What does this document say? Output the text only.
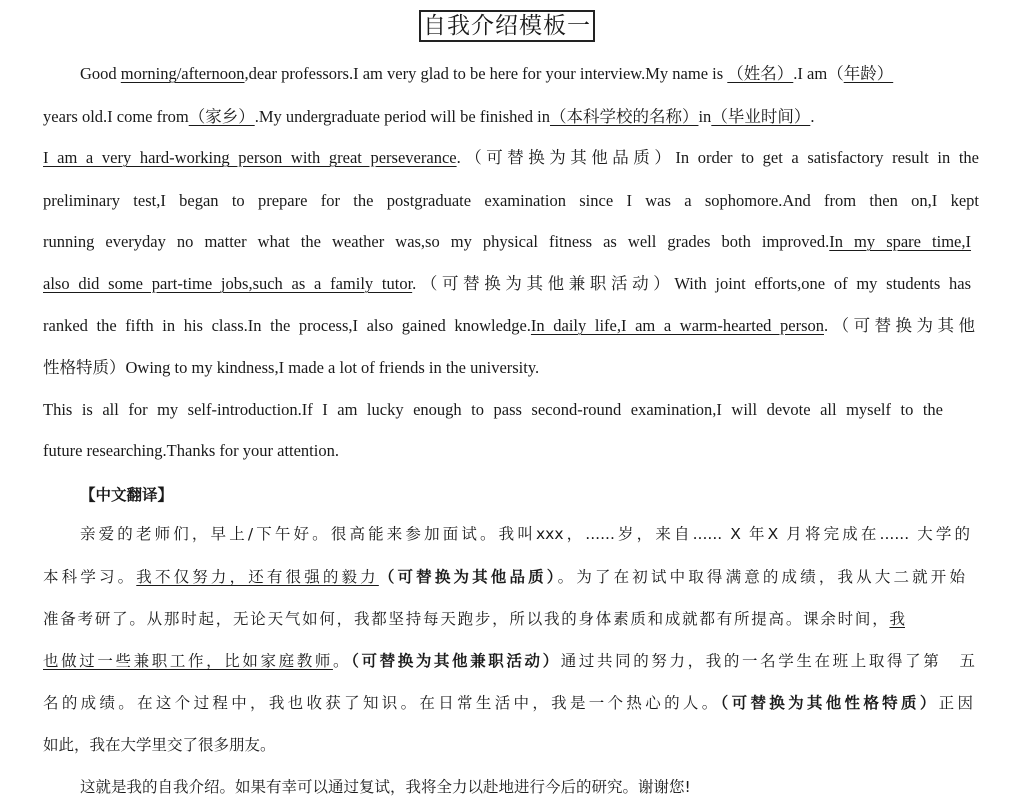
自我介绍模板一
Good morning/afternoon,dear professors.I am very glad to be here for your interview.My name is （姓名）.I am（年龄）
years old.I come from（家乡）.My undergraduate period will be finished in（本科学校的名称）in（毕业时间）.
I am a very hard-working person with great perseverance.（可替换为其他品质）In order to get a satisfactory result in the
preliminary test,I began to prepare for the postgraduate examination since I was a sophomore.And from then on,I kept
running everyday no matter what the weather was,so my physical fitness as well grades both improved.In my spare time,I
also did some part-time jobs,such as a family tutor.（可替换为其他兼职活动）With joint efforts,one of my students has
ranked the fifth in his class.In the process,I also gained knowledge.In daily life,I am a warm-hearted person.（可替换为其他
性格特质）Owing to my kindness,I made a lot of friends in the university.
This is all for my self-introduction.If I am lucky enough to pass second-round examination,I will devote all myself to the
future researching.Thanks for your attention.
【中文翻译】
亲爱的老师们，早上/下午好。很高能来参加面试。我叫xxx，......岁，来自...... X 年X 月将完成在...... 大学的
本科学习。我不仅努力，还有很强的毅力（可替换为其他品质）。为了在初试中取得满意的成绩，我从大二就开始
准备考研了。从那时起，无论天气如何，我都坚持每天跑步，所以我的身体素质和成就都有所提高。课余时间，我
也做过一些兼职工作，比如家庭教师。（可替换为其他兼职活动）通过共同的努力，我的一名学生在班上取得了第　五
名的成绩。在这个过程中，我也收获了知识。在日常生活中，我是一个热心的人。（可替换为其他性格特质）正因
如此，我在大学里交了很多朋友。
这就是我的自我介绍。如果有幸可以通过复试，我将全力以赴地进行今后的研究。谢谢您!
